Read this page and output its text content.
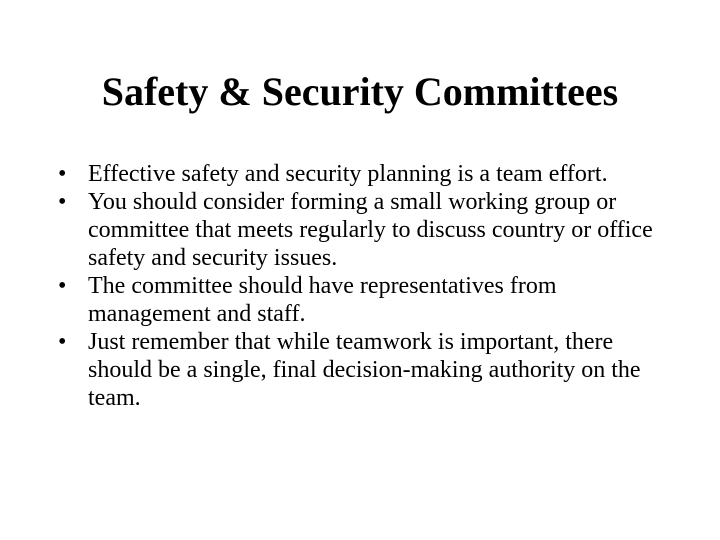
Safety & Security Committees
• Effective safety and security planning is a team effort.
• You should consider forming a small working group or committee that meets regularly to discuss country or office safety and security issues.
• The committee should have representatives from management and staff.
• Just remember that while teamwork is important, there should be a single, final decision-making authority on the team.
